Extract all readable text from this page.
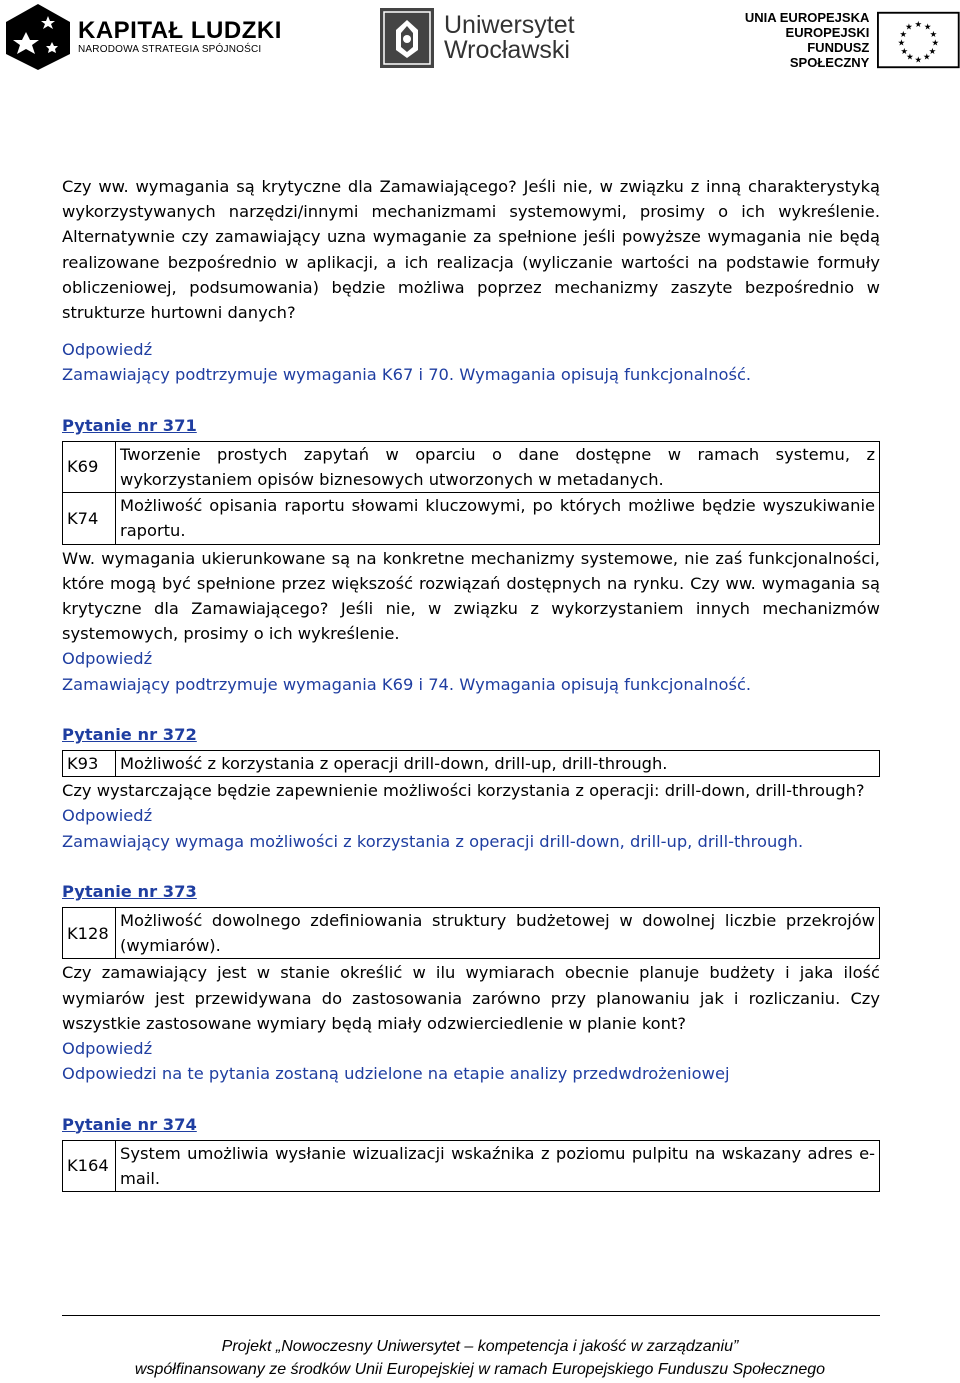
KAPITAŁ LUDZKI
NARODOWA STRATEGIA SPÓJNOŚCI
Uniwersytet
Wrocławski
UNIA EUROPEJSKA
EUROPEJSKI
FUNDUSZ SPOŁECZNY
★ ★
★
★
★
★
★
★
★
★
★
★

Czy ww. wymagania są krytyczne dla Zamawiającego? Jeśli nie, w związku z inną charakterystyką wykorzystywanych narzędzi/innymi mechanizmami systemowymi, prosimy o ich wykreślenie. Alternatywnie czy zamawiający uzna wymaganie za spełnione jeśli powyższe wymagania nie będą realizowane bezpośrednio w aplikacji, a ich realizacja (wyliczanie wartości na podstawie formuły obliczeniowej, podsumowania) będzie możliwa poprzez mechanizmy zaszyte bezpośrednio w strukturze hurtowni danych?

Odpowiedź

Zamawiający podtrzymuje wymagania K67 i 70. Wymagania opisują funkcjonalność.

Pytanie nr 371
K69	Tworzenie prostych zapytań w oparciu o dane dostępne w ramach systemu, z wykorzystaniem opisów biznesowych utworzonych w metadanych.
K74	Możliwość opisania raportu słowami kluczowymi, po których możliwe będzie wyszukiwanie raportu.

Ww. wymagania ukierunkowane są na konkretne mechanizmy systemowe, nie zaś funkcjonalności, które mogą być spełnione przez większość rozwiązań dostępnych na rynku. Czy ww. wymagania są krytyczne dla Zamawiającego? Jeśli nie, w związku z wykorzystaniem innych mechanizmów systemowych, prosimy o ich wykreślenie.

Odpowiedź

Zamawiający podtrzymuje wymagania K69 i 74. Wymagania opisują funkcjonalność.

Pytanie nr 372
K93	Możliwość z korzystania z operacji drill-down, drill-up, drill-through.

Czy wystarczające będzie zapewnienie możliwości korzystania z operacji: drill-down, drill-through?

Odpowiedź

Zamawiający wymaga możliwości z korzystania z operacji drill-down, drill-up, drill-through.

Pytanie nr 373
K128	Możliwość dowolnego zdefiniowania struktury budżetowej w dowolnej liczbie przekrojów (wymiarów).

Czy zamawiający jest w stanie określić w ilu wymiarach obecnie planuje budżety i jaka ilość wymiarów jest przewidywana do zastosowania zarówno przy planowaniu jak i rozliczaniu. Czy wszystkie zastosowane wymiary będą miały odzwierciedlenie w planie kont?

Odpowiedź

Odpowiedzi na te pytania zostaną udzielone na etapie analizy przedwdrożeniowej

Pytanie nr 374
K164	System umożliwia wysłanie wizualizacji wskaźnika z poziomu pulpitu na wskazany adres e-mail.
Projekt „Nowoczesny Uniwersytet – kompetencja i jakość w zarządzaniu”
współfinansowany ze środków Unii Europejskiej w ramach Europejskiego Funduszu Społecznego
